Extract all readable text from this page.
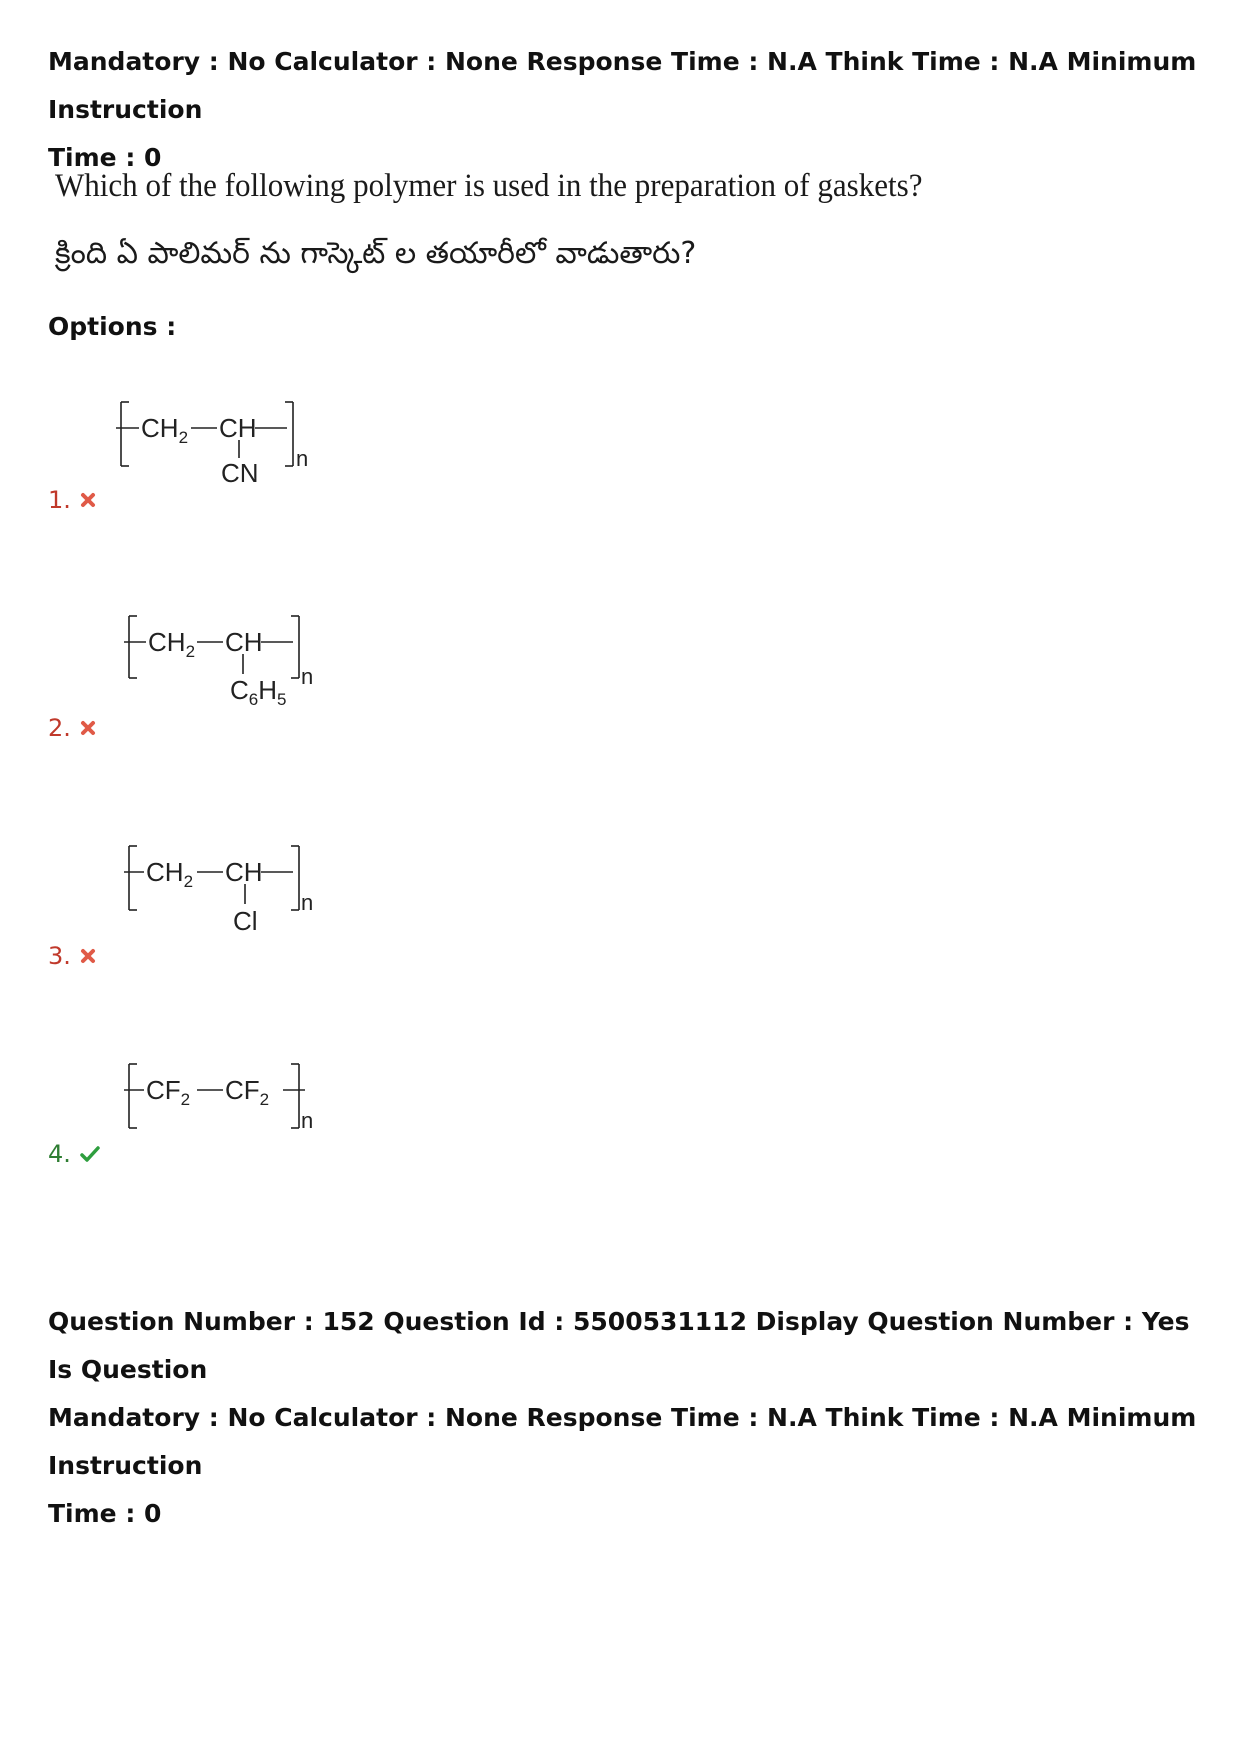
Mandatory : No Calculator : None Response Time : N.A Think Time : N.A Minimum Instruction
Time : 0
Which of the following polymer is used in the preparation of gaskets?
క్రింది ఏ పాలిమర్ ను గాస్కెట్ ల తయారీలో వాడుతారు?
Options :
$CH_2$ CH
CN n
1.
$CH_2$ CH
$C_6H_5$
n
2.
$CH_2$ CH
Cl
n
3.
$CF_2$ $CF_2$
n
4.
Question Number : 152 Question Id : 5500531112 Display Question Number : Yes Is Question
Mandatory : No Calculator : None Response Time : N.A Think Time : N.A Minimum Instruction
Time : 0
